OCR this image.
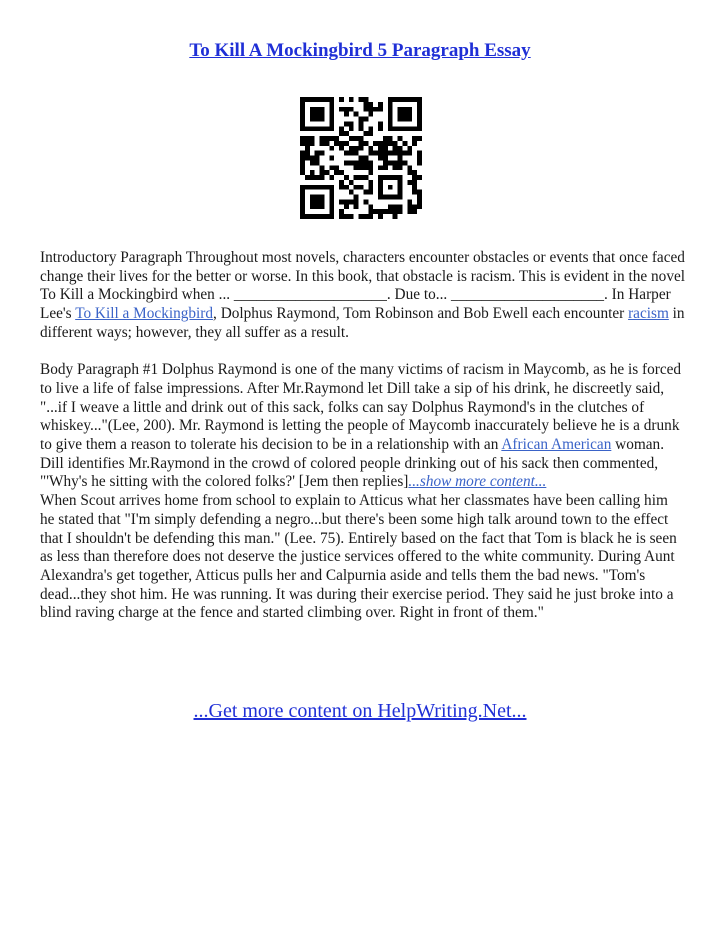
To Kill A Mockingbird 5 Paragraph Essay

Introductory Paragraph Throughout most novels, characters encounter obstacles or events that once faced change their lives for the better or worse. In this book, that obstacle is racism. This is evident in the novel To Kill a Mockingbird when ... ____________________. Due to... ____________________. In Harper Lee's To Kill a Mockingbird, Dolphus Raymond, Tom Robinson and Bob Ewell each encounter racism in different ways; however, they all suffer as a result.

Body Paragraph #1 Dolphus Raymond is one of the many victims of racism in Maycomb, as he is forced to live a life of false impressions. After Mr.Raymond let Dill take a sip of his drink, he discreetly said, "...if I weave a little and drink out of this sack, folks can say Dolphus Raymond's in the clutches of whiskey..."(Lee, 200). Mr. Raymond is letting the people of Maycomb inaccurately believe he is a drunk to give them a reason to tolerate his decision to be in a relationship with an African American woman. Dill identifies Mr.Raymond in the crowd of colored people drinking out of his sack then commented, "'Why's he sitting with the colored folks?' [Jem then replies]...show more content...

When Scout arrives home from school to explain to Atticus what her classmates have been calling him he stated that "I'm simply defending a negro...but there's been some high talk around town to the effect that I shouldn't be defending this man." (Lee. 75). Entirely based on the fact that Tom is black he is seen as less than therefore does not deserve the justice services offered to the white community. During Aunt Alexandra's get together, Atticus pulls her and Calpurnia aside and tells them the bad news. "Tom's dead...they shot him. He was running. It was during their exercise period. They said he just broke into a blind raving charge at the fence and started climbing over. Right in front of them."

...Get more content on HelpWriting.Net...
